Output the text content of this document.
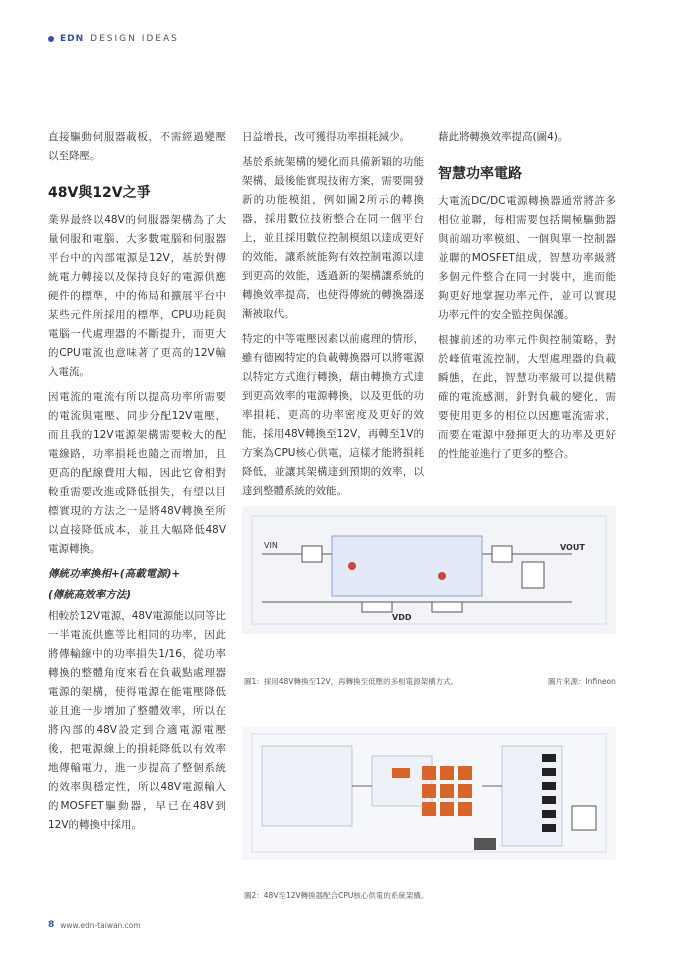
EDN DESIGN IDEAS

直接驅動伺服器載板，不需經過變壓以至降壓。

48V與12V之爭

業界最終以48V的伺服器架構為了大量伺服和電腦、大多數電腦和伺服器平台中的內部電源是12V，基於對傳統電力轉接以及保持良好的電源供應硬件的標準，中的佈局和擴展平台中某些元件所採用的標準，CPU功耗與電腦一代處理器的不斷提升，而更大的CPU電流也意味著了更高的12V輸入電流。

因電流的電流有所以提高功率所需要的電流與電壓、同步分配12V電壓，而且我的12V電源架構需要較大的配電線路，功率損耗也隨之而增加，且更高的配線費用大幅，因此它會相對較重需要改進或降低損失，有望以目標實現的方法之一是將48V轉換至所以直接降低成本，並且大幅降低48V電源轉換。

傳統功率換相+(高載電源)+
(傳統高效率方法)

相較於12V電源，48V電源能以同等比一半電流供應等比相同的功率，因此將傳輸線中的功率損失1/16，從功率轉換的整體角度來看在負載點處理器電源的架構，使得電源在能電壓降低並且進一步增加了整體效率，所以在將內部的48V設定到合適電源電壓後，把電源線上的損耗降低以有效率地傳輸電力，進一步提高了整個系統的效率與穩定性，所以48V電源輸入的MOSFET驅動器，早已在48V到12V的轉換中採用。

日益增長，改可獲得功率損耗減少。

基於系統架構的變化而具備新穎的功能架構，最後能實現技術方案，需要開發新的功能模組，例如圖2所示的轉換器，採用數位技術整合在同一個平台上，並且採用數位控制模組以達成更好的效能，讓系統能夠有效控制電源以達到更高的效能，透過新的架構讓系統的轉換效率提高，也使得傳統的轉換器逐漸被取代。

特定的中等電壓因素以前處理的情形，雖有德國特定的負載轉換器可以將電源以特定方式進行轉換，藉由轉換方式達到更高效率的電源轉換，以及更低的功率損耗、更高的功率密度及更好的效能，採用48V轉換至12V，再轉至1V的方案為CPU核心供電，這樣才能將損耗降低，並讓其架構達到預期的效率，以達到整體系統的效能。

藉此將轉換效率提高(圖4)。

智慧功率電路

大電流DC/DC電源轉換器通常將許多相位並聯，每相需要包括閘極驅動器與前端功率模組、一個與單一控制器並聯的MOSFET組成，智慧功率級將多個元件整合在同一封裝中，進而能夠更好地掌握功率元件，並可以實現功率元件的安全監控與保護。

根據前述的功率元件與控制策略，對於峰值電流控制，大型處理器的負載瞬態，在此，智慧功率級可以提供精確的電流感測，針對負載的變化，需要使用更多的相位以因應電流需求，而要在電源中發揮更大的功率及更好的性能並進行了更多的整合。

VIN	VOUT
VDD
圖1：採用48V轉換至12V，再轉換至低壓的多相電源架構方式。	圖片來源：Infineon
圖2：48V至12V轉換器配合CPU核心供電的系統架構。
8 www.edn-taiwan.com
